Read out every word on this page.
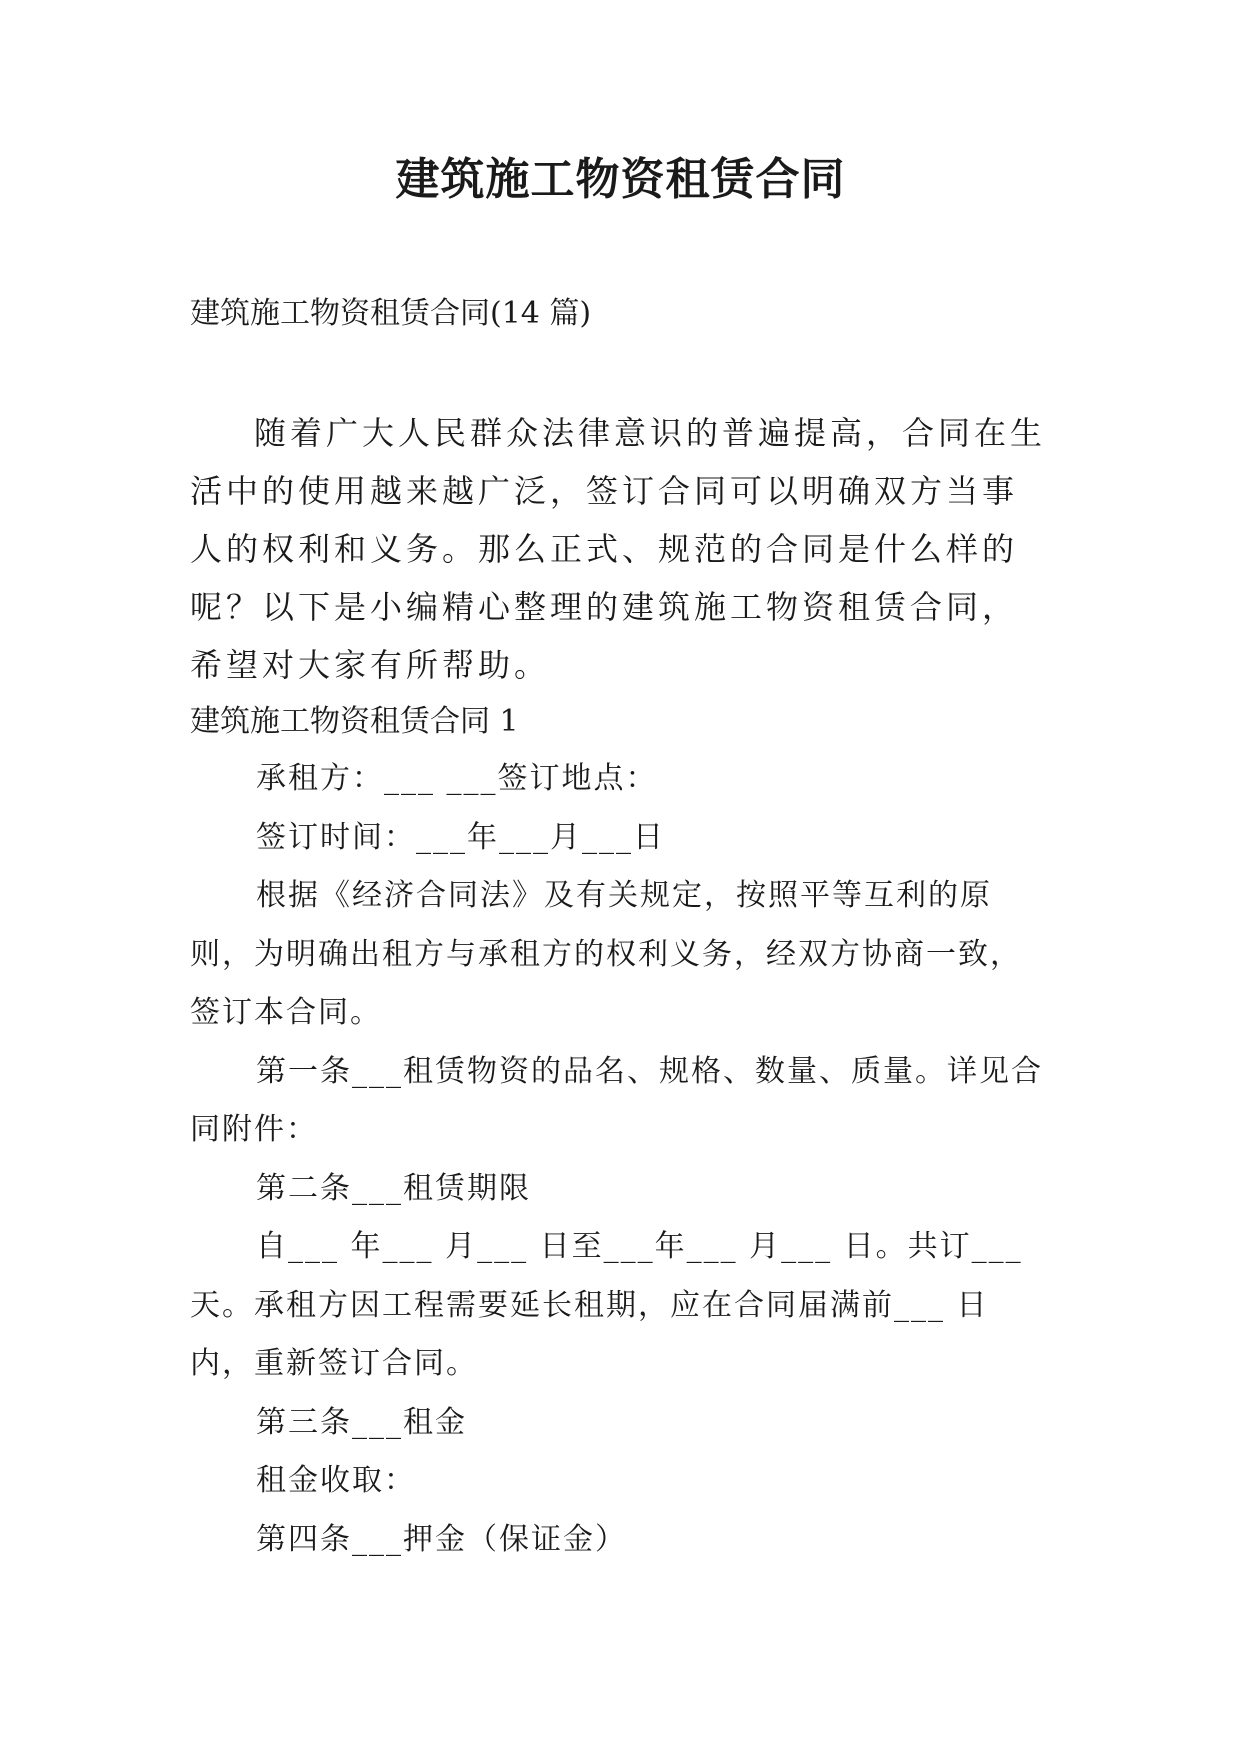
建筑施工物资租赁合同
建筑施工物资租赁合同(14 篇)

随着广大人民群众法律意识的普遍提高，合同在生活中的使用越来越广泛，签订合同可以明确双方当事人的权利和义务。那么正式、规范的合同是什么样的呢？以下是小编精心整理的建筑施工物资租赁合同，希望对大家有所帮助。

建筑施工物资租赁合同 1

承租方：___ ___签订地点：

签订时间：___年___月___日

根据《经济合同法》及有关规定，按照平等互利的原则，为明确出租方与承租方的权利义务，经双方协商一致，签订本合同。

第一条___租赁物资的品名、规格、数量、质量。详见合同附件：

第二条___租赁期限

自___ 年___ 月___ 日至___年___ 月___ 日。共订___天。承租方因工程需要延长租期，应在合同届满前___ 日内，重新签订合同。

第三条___租金

租金收取：

第四条___押金（保证金）
